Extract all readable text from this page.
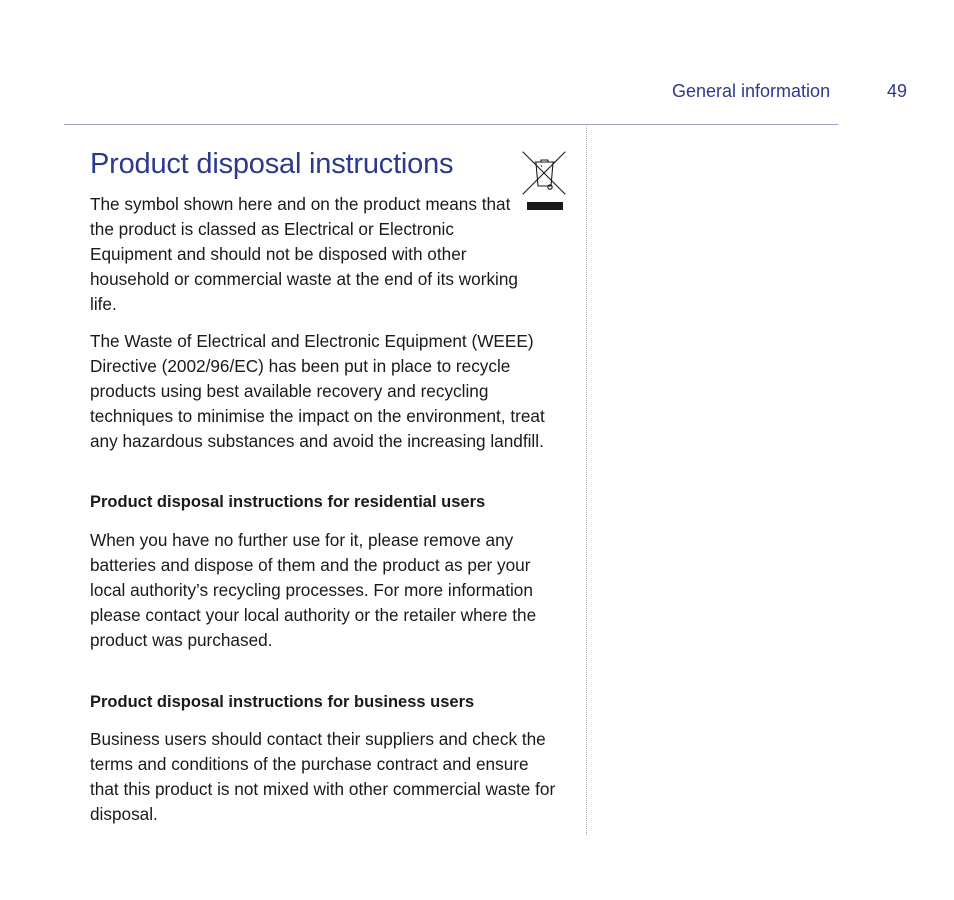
General information	49
Product disposal instructions

The symbol shown here and on the product means that the product is classed as Electrical or Electronic Equipment and should not be disposed with other household or commercial waste at the end of its working life.

The Waste of Electrical and Electronic Equipment (WEEE) Directive (2002/96/EC) has been put in place to recycle products using best available recovery and recycling techniques to minimise the impact on the environment, treat any hazardous substances and avoid the increasing landfill.

Product disposal instructions for residential users

When you have no further use for it, please remove any batteries and dispose of them and the product as per your local authority’s recycling processes. For more information please contact your local authority or the retailer where the product was purchased.

Product disposal instructions for business users

Business users should contact their suppliers and check the terms and conditions of the purchase contract and ensure that this product is not mixed with other commercial waste for disposal.
